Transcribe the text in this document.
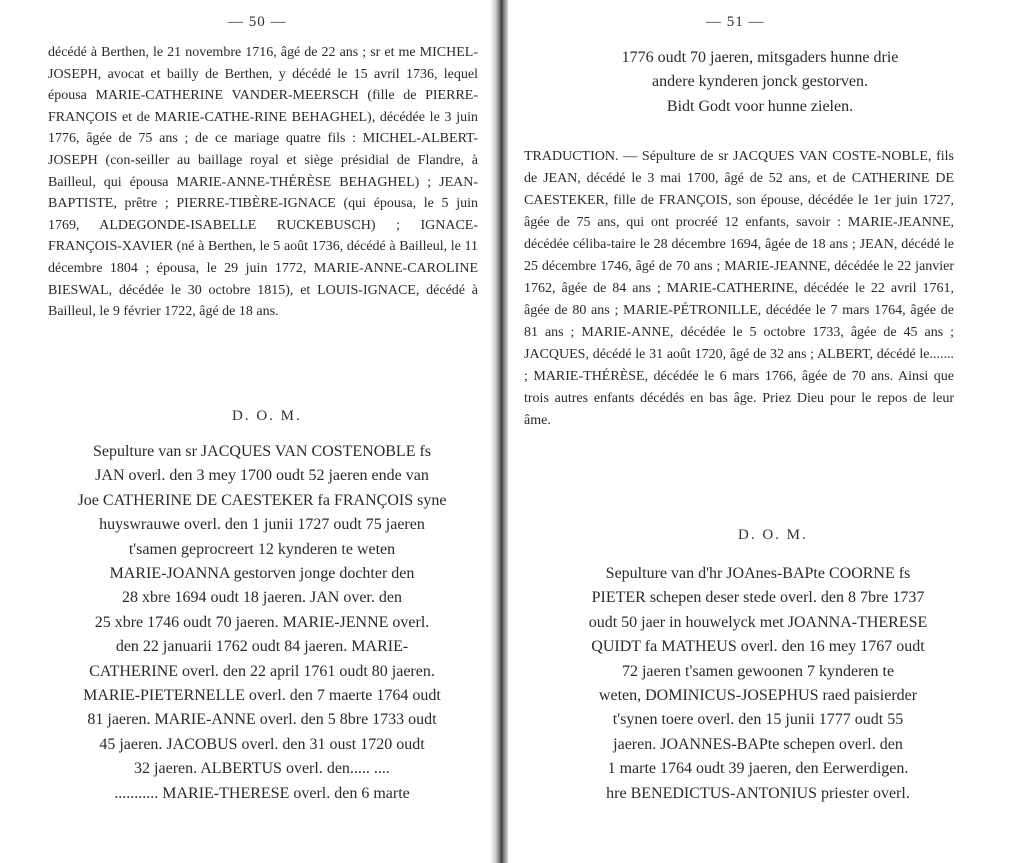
— 50 —

décédé à Berthen, le 21 novembre 1716, âgé de 22 ans ; sr et me MICHEL-JOSEPH, avocat et bailly de Berthen, y décédé le 15 avril 1736, lequel épousa MARIE-CATHERINE VANDER-MEERSCH (fille de PIERRE-FRANÇOIS et de MARIE-CATHE-RINE BEHAGHEL), décédée le 3 juin 1776, âgée de 75 ans ; de ce mariage quatre fils : MICHEL-ALBERT-JOSEPH (con-seiller au baillage royal et siège présidial de Flandre, à Bailleul, qui épousa MARIE-ANNE-THÉRÈSE BEHAGHEL) ; JEAN-BAPTISTE, prêtre ; PIERRE-TIBÈRE-IGNACE (qui épousa, le 5 juin 1769, ALDEGONDE-ISABELLE RUCKEBUSCH) ; IGNACE-FRANÇOIS-XAVIER (né à Berthen, le 5 août 1736, décédé à Bailleul, le 11 décembre 1804 ; épousa, le 29 juin 1772, MARIE-ANNE-CAROLINE BIESWAL, décédée le 30 octobre 1815), et LOUIS-IGNACE, décédé à Bailleul, le 9 février 1722, âgé de 18 ans.

D. O. M.
Sepulture van sr JACQUES VAN COSTENOBLE fs
JAN overl. den 3 mey 1700 oudt 52 jaeren ende van
Joe CATHERINE DE CAESTEKER fa FRANÇOIS syne
huyswrauwe overl. den 1 junii 1727 oudt 75 jaeren
t'samen geprocreert 12 kynderen te weten
MARIE-JOANNA gestorven jonge dochter den
28 xbre 1694 oudt 18 jaeren. JAN over. den
25 xbre 1746 oudt 70 jaeren. MARIE-JENNE overl.
den 22 januarii 1762 oudt 84 jaeren. MARIE-
CATHERINE overl. den 22 april 1761 oudt 80 jaeren.
MARIE-PIETERNELLE overl. den 7 maerte 1764 oudt
81 jaeren. MARIE-ANNE overl. den 5 8bre 1733 oudt
45 jaeren. JACOBUS overl. den 31 oust 1720 oudt
32 jaeren. ALBERTUS overl. den..... ....
........... MARIE-THERESE overl. den 6 marte
— 51 —
1776 oudt 70 jaeren, mitsgaders hunne drie
andere kynderen jonck gestorven.
Bidt Godt voor hunne zielen.

TRADUCTION. — Sépulture de sr JACQUES VAN COSTE-NOBLE, fils de JEAN, décédé le 3 mai 1700, âgé de 52 ans, et de CATHERINE DE CAESTEKER, fille de FRANÇOIS, son épouse, décédée le 1er juin 1727, âgée de 75 ans, qui ont procréé 12 enfants, savoir : MARIE-JEANNE, décédée céliba-taire le 28 décembre 1694, âgée de 18 ans ; JEAN, décédé le 25 décembre 1746, âgé de 70 ans ; MARIE-JEANNE, décédée le 22 janvier 1762, âgée de 84 ans ; MARIE-CATHERINE, décédée le 22 avril 1761, âgée de 80 ans ; MARIE-PÉTRONILLE, décédée le 7 mars 1764, âgée de 81 ans ; MARIE-ANNE, décédée le 5 octobre 1733, âgée de 45 ans ; JACQUES, décédé le 31 août 1720, âgé de 32 ans ; ALBERT, décédé le....... ; MARIE-THÉRÈSE, décédée le 6 mars 1766, âgée de 70 ans. Ainsi que trois autres enfants décédés en bas âge. Priez Dieu pour le repos de leur âme.

D. O. M.
Sepulture van d'hr JOAnes-BAPte COORNE fs
PIETER schepen deser stede overl. den 8 7bre 1737
oudt 50 jaer in houwelyck met JOANNA-THERESE
QUIDT fa MATHEUS overl. den 16 mey 1767 oudt
72 jaeren t'samen gewoonen 7 kynderen te
weten, DOMINICUS-JOSEPHUS raed paisierder
t'synen toere overl. den 15 junii 1777 oudt 55
jaeren. JOANNES-BAPte schepen overl. den
1 marte 1764 oudt 39 jaeren, den Eerwerdigen.
hre BENEDICTUS-ANTONIUS priester overl.
